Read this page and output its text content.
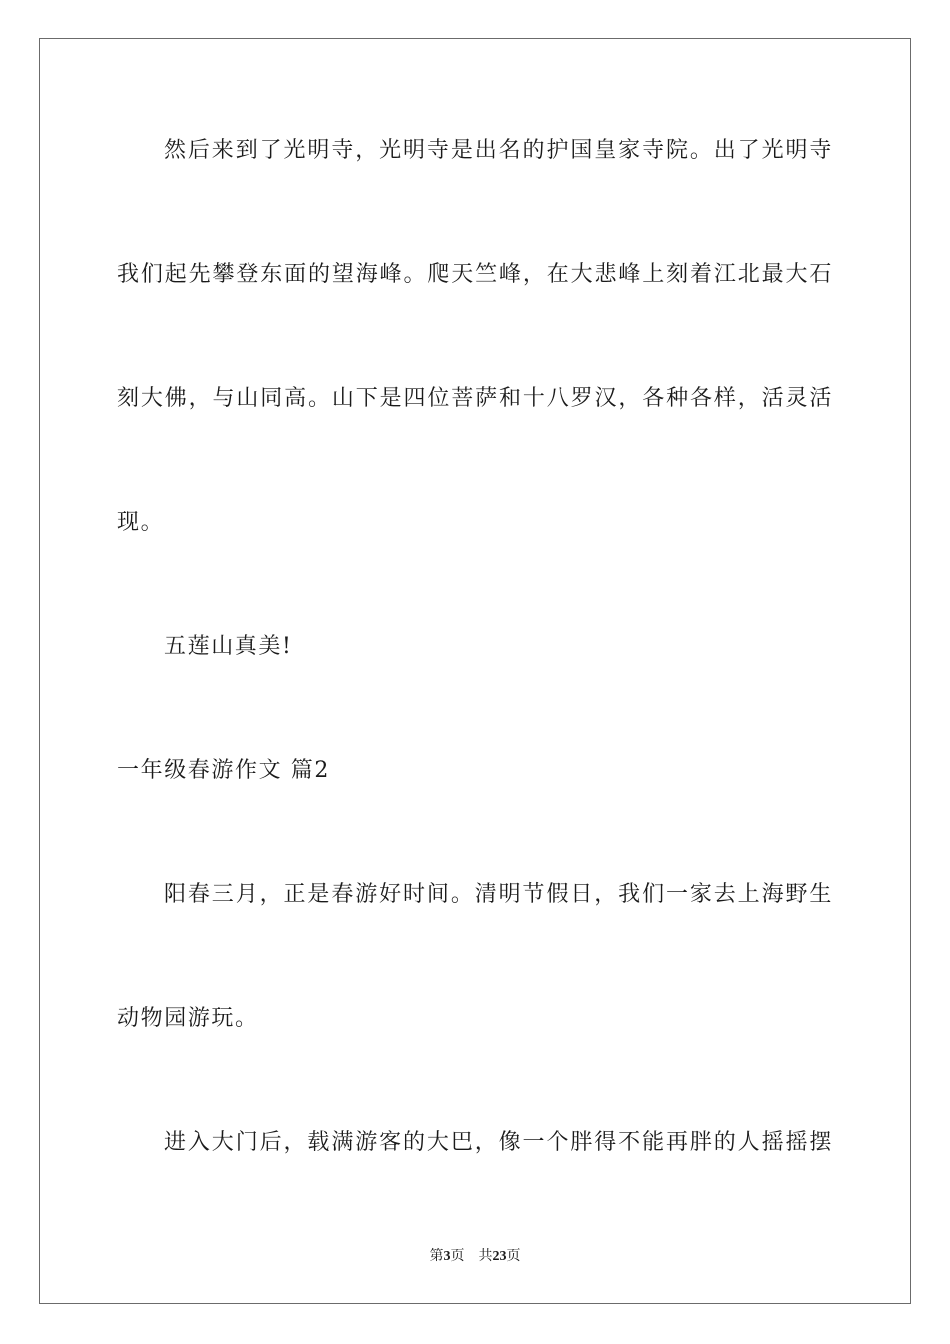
然后来到了光明寺，光明寺是出名的护国皇家寺院。出了光明寺
我们起先攀登东面的望海峰。爬天竺峰，在大悲峰上刻着江北最大石
刻大佛，与山同高。山下是四位菩萨和十八罗汉，各种各样，活灵活
现。
五莲山真美!
一年级春游作文 篇2
阳春三月，正是春游好时间。清明节假日，我们一家去上海野生
动物园游玩。
进入大门后，载满游客的大巴，像一个胖得不能再胖的人摇摇摆
第3页 共23页
